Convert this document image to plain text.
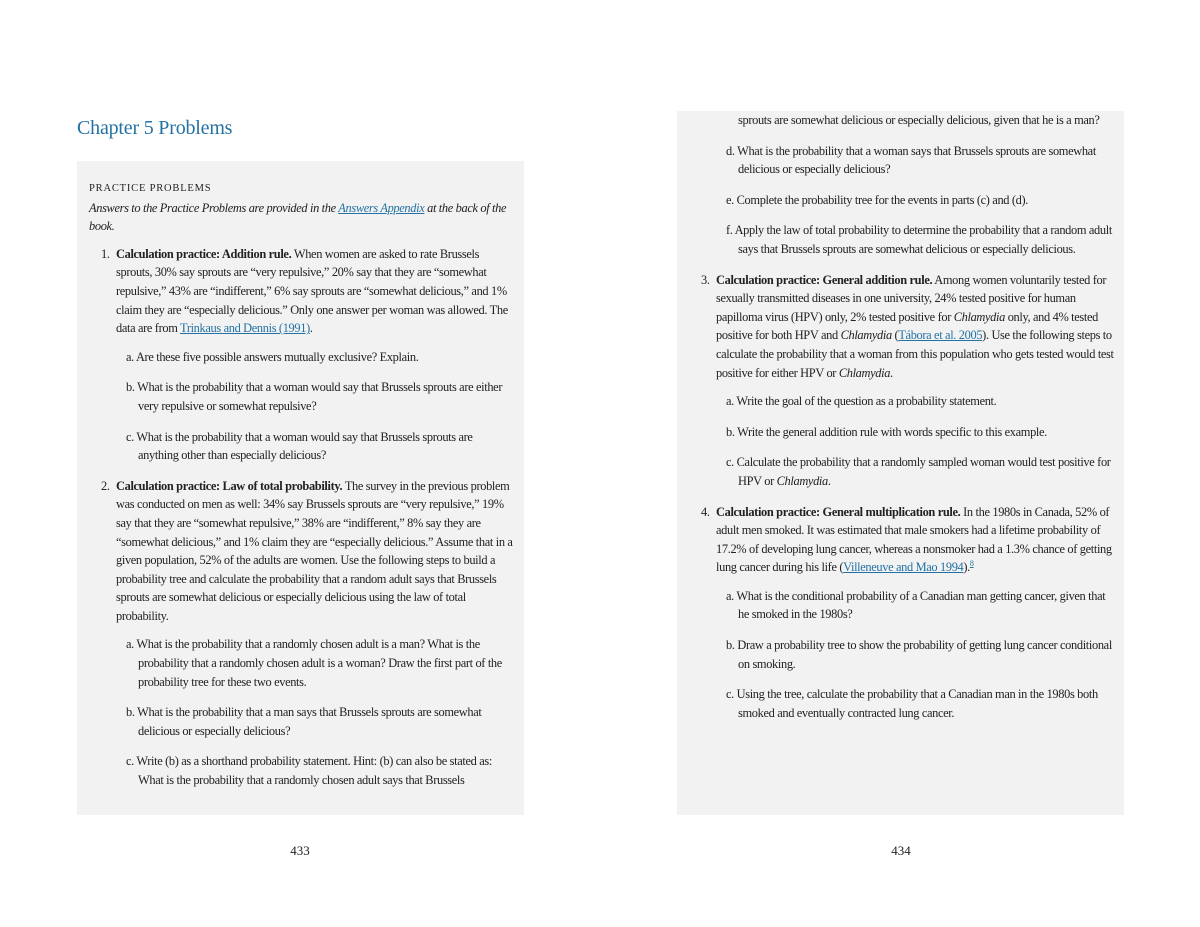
Chapter 5 Problems
PRACTICE PROBLEMS
Answers to the Practice Problems are provided in the Answers Appendix at the back of the book.
1. Calculation practice: Addition rule. When women are asked to rate Brussels sprouts, 30% say sprouts are “very repulsive,” 20% say that they are “somewhat repulsive,” 43% are “indifferent,” 6% say sprouts are “somewhat delicious,” and 1% claim they are “especially delicious.” Only one answer per woman was allowed. The data are from Trinkaus and Dennis (1991).
a. Are these five possible answers mutually exclusive? Explain.
b. What is the probability that a woman would say that Brussels sprouts are either very repulsive or somewhat repulsive?
c. What is the probability that a woman would say that Brussels sprouts are anything other than especially delicious?
2. Calculation practice: Law of total probability. The survey in the previous problem was conducted on men as well: 34% say Brussels sprouts are “very repulsive,” 19% say that they are “somewhat repulsive,” 38% are “indifferent,” 8% say they are “somewhat delicious,” and 1% claim they are “especially delicious.” Assume that in a given population, 52% of the adults are women. Use the following steps to build a probability tree and calculate the probability that a random adult says that Brussels sprouts are somewhat delicious or especially delicious using the law of total probability.
a. What is the probability that a randomly chosen adult is a man? What is the probability that a randomly chosen adult is a woman? Draw the first part of the probability tree for these two events.
b. What is the probability that a man says that Brussels sprouts are somewhat delicious or especially delicious?
c. Write (b) as a shorthand probability statement. Hint: (b) can also be stated as: What is the probability that a randomly chosen adult says that Brussels
433
sprouts are somewhat delicious or especially delicious, given that he is a man?
d. What is the probability that a woman says that Brussels sprouts are somewhat delicious or especially delicious?
e. Complete the probability tree for the events in parts (c) and (d).
f. Apply the law of total probability to determine the probability that a random adult says that Brussels sprouts are somewhat delicious or especially delicious.
3. Calculation practice: General addition rule. Among women voluntarily tested for sexually transmitted diseases in one university, 24% tested positive for human papilloma virus (HPV) only, 2% tested positive for Chlamydia only, and 4% tested positive for both HPV and Chlamydia (Tábora et al. 2005). Use the following steps to calculate the probability that a woman from this population who gets tested would test positive for either HPV or Chlamydia.
a. Write the goal of the question as a probability statement.
b. Write the general addition rule with words specific to this example.
c. Calculate the probability that a randomly sampled woman would test positive for HPV or Chlamydia.
4. Calculation practice: General multiplication rule. In the 1980s in Canada, 52% of adult men smoked. It was estimated that male smokers had a lifetime probability of 17.2% of developing lung cancer, whereas a nonsmoker had a 1.3% chance of getting lung cancer during his life (Villeneuve and Mao 1994).$^8$
a. What is the conditional probability of a Canadian man getting cancer, given that he smoked in the 1980s?
b. Draw a probability tree to show the probability of getting lung cancer conditional on smoking.
c. Using the tree, calculate the probability that a Canadian man in the 1980s both smoked and eventually contracted lung cancer.
434
